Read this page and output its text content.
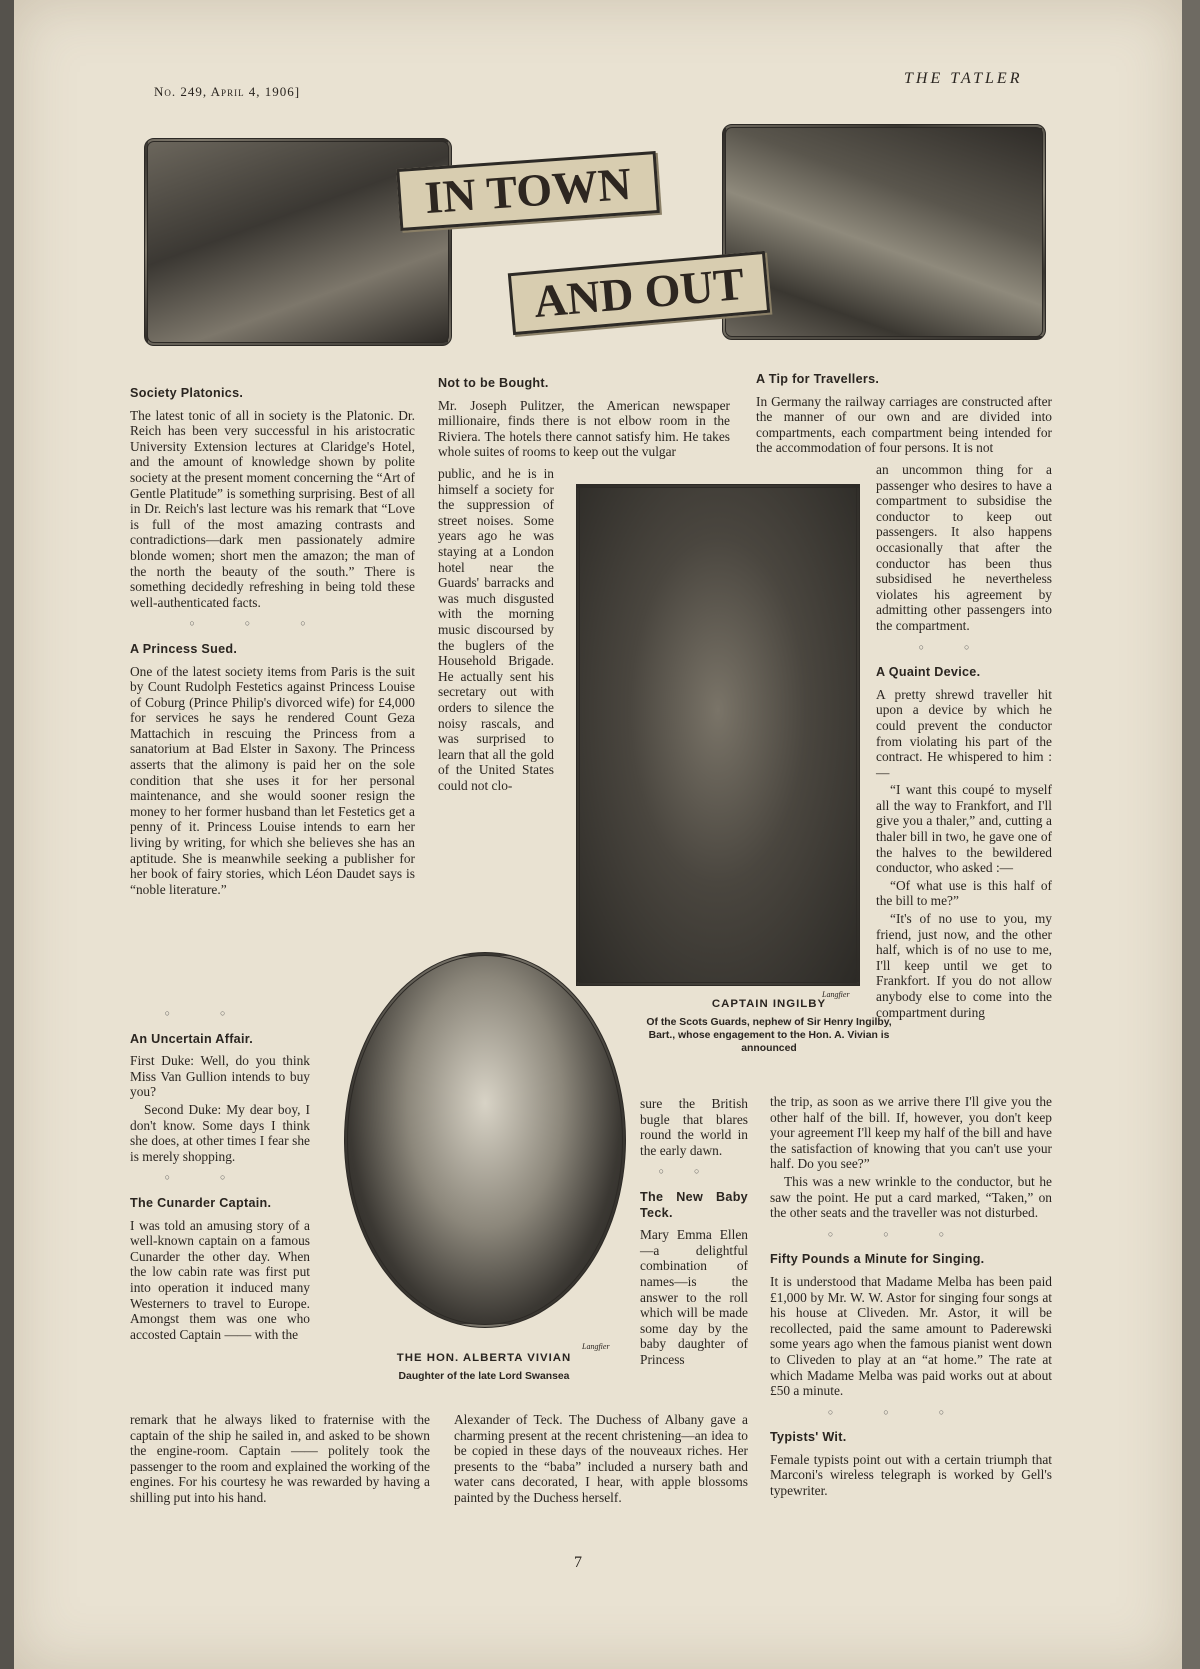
No. 249, April 4, 1906]
THE TATLER
IN TOWN
AND OUT
Society Platonics.

The latest tonic of all in society is the Platonic. Dr. Reich has been very successful in his aristocratic University Extension lectures at Claridge's Hotel, and the amount of knowledge shown by polite society at the present moment concerning the “Art of Gentle Platitude” is something surprising. Best of all in Dr. Reich's last lecture was his remark that “Love is full of the most amazing contrasts and contradictions—dark men passionately admire blonde women; short men the amazon; the man of the north the beauty of the south.” There is something decidedly refreshing in being told these well-authenticated facts.

○○○
A Princess Sued.

One of the latest society items from Paris is the suit by Count Rudolph Festetics against Princess Louise of Coburg (Prince Philip's divorced wife) for £4,000 for services he says he rendered Count Geza Mattachich in rescuing the Princess from a sanatorium at Bad Elster in Saxony. The Princess asserts that the alimony is paid her on the sole condition that she uses it for her personal maintenance, and she would sooner resign the money to her former husband than let Festetics get a penny of it. Princess Louise intends to earn her living by writing, for which she believes she has an aptitude. She is meanwhile seeking a publisher for her book of fairy stories, which Léon Daudet says is “noble literature.”

○○
An Uncertain Affair.

First Duke: Well, do you think Miss Van Gullion intends to buy you?

Second Duke: My dear boy, I don't know. Some days I think she does, at other times I fear she is merely shopping.

○○
The Cunarder Captain.

I was told an amusing story of a well-known captain on a famous Cunarder the other day. When the low cabin rate was first put into operation it induced many Westerners to travel to Europe. Amongst them was one who accosted Captain —— with the

remark that he always liked to fraternise with the captain of the ship he sailed in, and asked to be shown the engine-room. Captain —— politely took the passenger to the room and explained the working of the engines. For his courtesy he was rewarded by having a shilling put into his hand.

Not to be Bought.

Mr. Joseph Pulitzer, the American newspaper millionaire, finds there is not elbow room in the Riviera. The hotels there cannot satisfy him. He takes whole suites of rooms to keep out the vulgar

public, and he is in himself a society for the suppression of street noises. Some years ago he was staying at a London hotel near the Guards' barracks and was much disgusted with the morning music discoursed by the buglers of the Household Brigade. He actually sent his secretary out with orders to silence the noisy rascals, and was surprised to learn that all the gold of the United States could not clo-

Langfier
CAPTAIN INGILBY
Of the Scots Guards, nephew of Sir Henry Ingilby, Bart., whose engagement to the Hon. A. Vivian is announced
Langfier
THE HON. ALBERTA VIVIAN
Daughter of the late Lord Swansea

sure the British bugle that blares round the world in the early dawn.

○○
The New Baby Teck.

Mary Emma Ellen—a delightful combination of names—is the answer to the roll which will be made some day by the baby daughter of Princess

Alexander of Teck. The Duchess of Albany gave a charming present at the recent christening—an idea to be copied in these days of the nouveaux riches. Her presents to the “baba” included a nursery bath and water cans decorated, I hear, with apple blossoms painted by the Duchess herself.

A Tip for Travellers.

In Germany the railway carriages are constructed after the manner of our own and are divided into compartments, each compartment being intended for the accommodation of four persons. It is not

an uncommon thing for a passenger who desires to have a compartment to subsidise the conductor to keep out passengers. It also happens occasionally that after the conductor has been thus subsidised he nevertheless violates his agreement by admitting other passengers into the compartment.

○○
A Quaint Device.

A pretty shrewd traveller hit upon a device by which he could prevent the conductor from violating his part of the contract. He whispered to him :—

“I want this coupé to myself all the way to Frankfort, and I'll give you a thaler,” and, cutting a thaler bill in two, he gave one of the halves to the bewildered conductor, who asked :—

“Of what use is this half of the bill to me?”

“It's of no use to you, my friend, just now, and the other half, which is of no use to me, I'll keep until we get to Frankfort. If you do not allow anybody else to come into the compartment during

the trip, as soon as we arrive there I'll give you the other half of the bill. If, however, you don't keep your agreement I'll keep my half of the bill and have the satisfaction of knowing that you can't use your half. Do you see?”

This was a new wrinkle to the conductor, but he saw the point. He put a card marked, “Taken,” on the other seats and the traveller was not disturbed.

○○○
Fifty Pounds a Minute for Singing.

It is understood that Madame Melba has been paid £1,000 by Mr. W. W. Astor for singing four songs at his house at Cliveden. Mr. Astor, it will be recollected, paid the same amount to Paderewski some years ago when the famous pianist went down to Cliveden to play at an “at home.” The rate at which Madame Melba was paid works out at about £50 a minute.

○○○
Typists' Wit.

Female typists point out with a certain triumph that Marconi's wireless telegraph is worked by Gell's typewriter.

7
